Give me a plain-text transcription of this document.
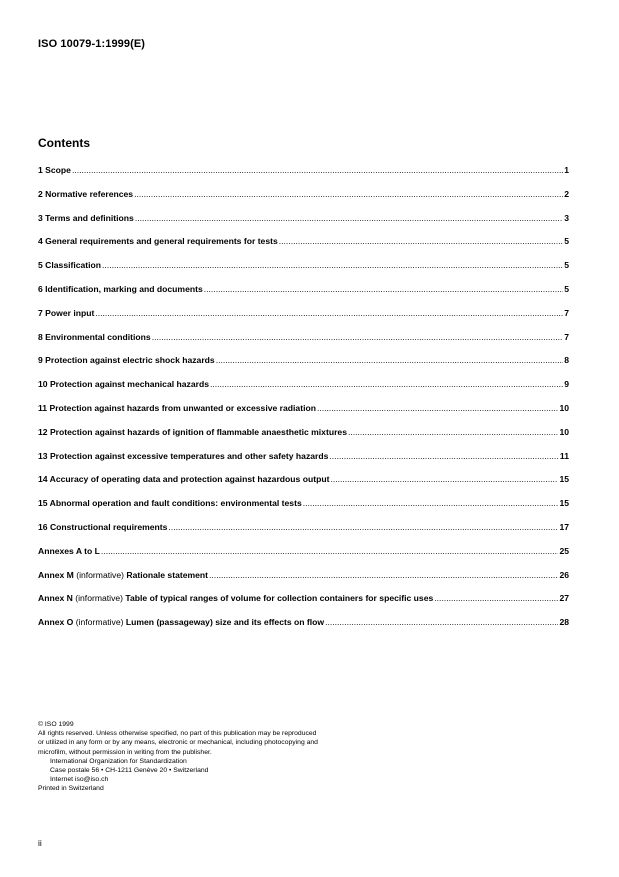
ISO 10079-1:1999(E)
Contents
1 Scope .....	1
2 Normative references .....	2
3 Terms and definitions .....	3
4 General requirements and general requirements for tests .....	5
5 Classification .....	5
6 Identification, marking and documents .....	5
7 Power input .....	7
8 Environmental conditions .....	7
9 Protection against electric shock hazards .....	8
10 Protection against mechanical hazards .....	9
11 Protection against hazards from unwanted or excessive radiation .....	10
12 Protection against hazards of ignition of flammable anaesthetic mixtures .....	10
13 Protection against excessive temperatures and other safety hazards .....	11
14 Accuracy of operating data and protection against hazardous output .....	15
15 Abnormal operation and fault conditions: environmental tests .....	15
16 Constructional requirements .....	17
Annexes A to L .....	25
Annex M (informative) Rationale statement .....	26
Annex N (informative) Table of typical ranges of volume for collection containers for specific uses .....	27
Annex O (informative) Lumen (passageway) size and its effects on flow .....	28
© ISO 1999
All rights reserved. Unless otherwise specified, no part of this publication may be reproduced
or utilized in any form or by any means, electronic or mechanical, including photocopying and
microfilm, without permission in writing from the publisher.
International Organization for Standardization
Case postale 56 • CH-1211 Genève 20 • Switzerland
Internet iso@iso.ch
Printed in Switzerland
ii
